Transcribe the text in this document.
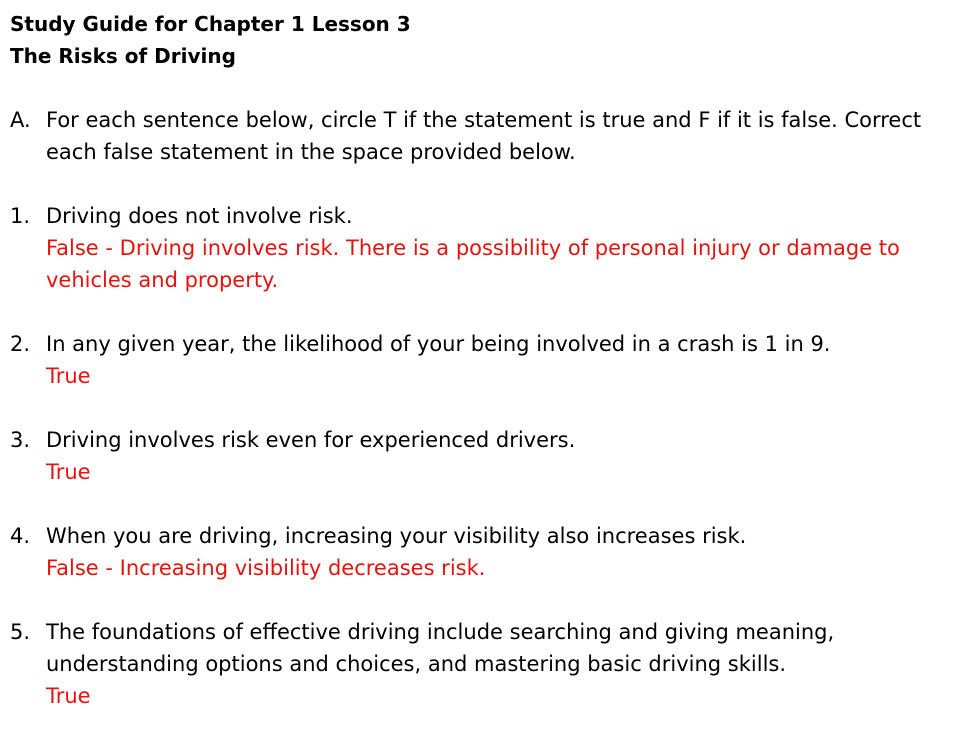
Study Guide for Chapter 1 Lesson 3
The Risks of Driving
A. For each sentence below, circle T if the statement is true and F if it is false. Correct each false statement in the space provided below.
1. Driving does not involve risk.
False - Driving involves risk. There is a possibility of personal injury or damage to vehicles and property.
2. In any given year, the likelihood of your being involved in a crash is 1 in 9.
True
3. Driving involves risk even for experienced drivers.
True
4. When you are driving, increasing your visibility also increases risk.
False - Increasing visibility decreases risk.
5. The foundations of effective driving include searching and giving meaning, understanding options and choices, and mastering basic driving skills.
True
